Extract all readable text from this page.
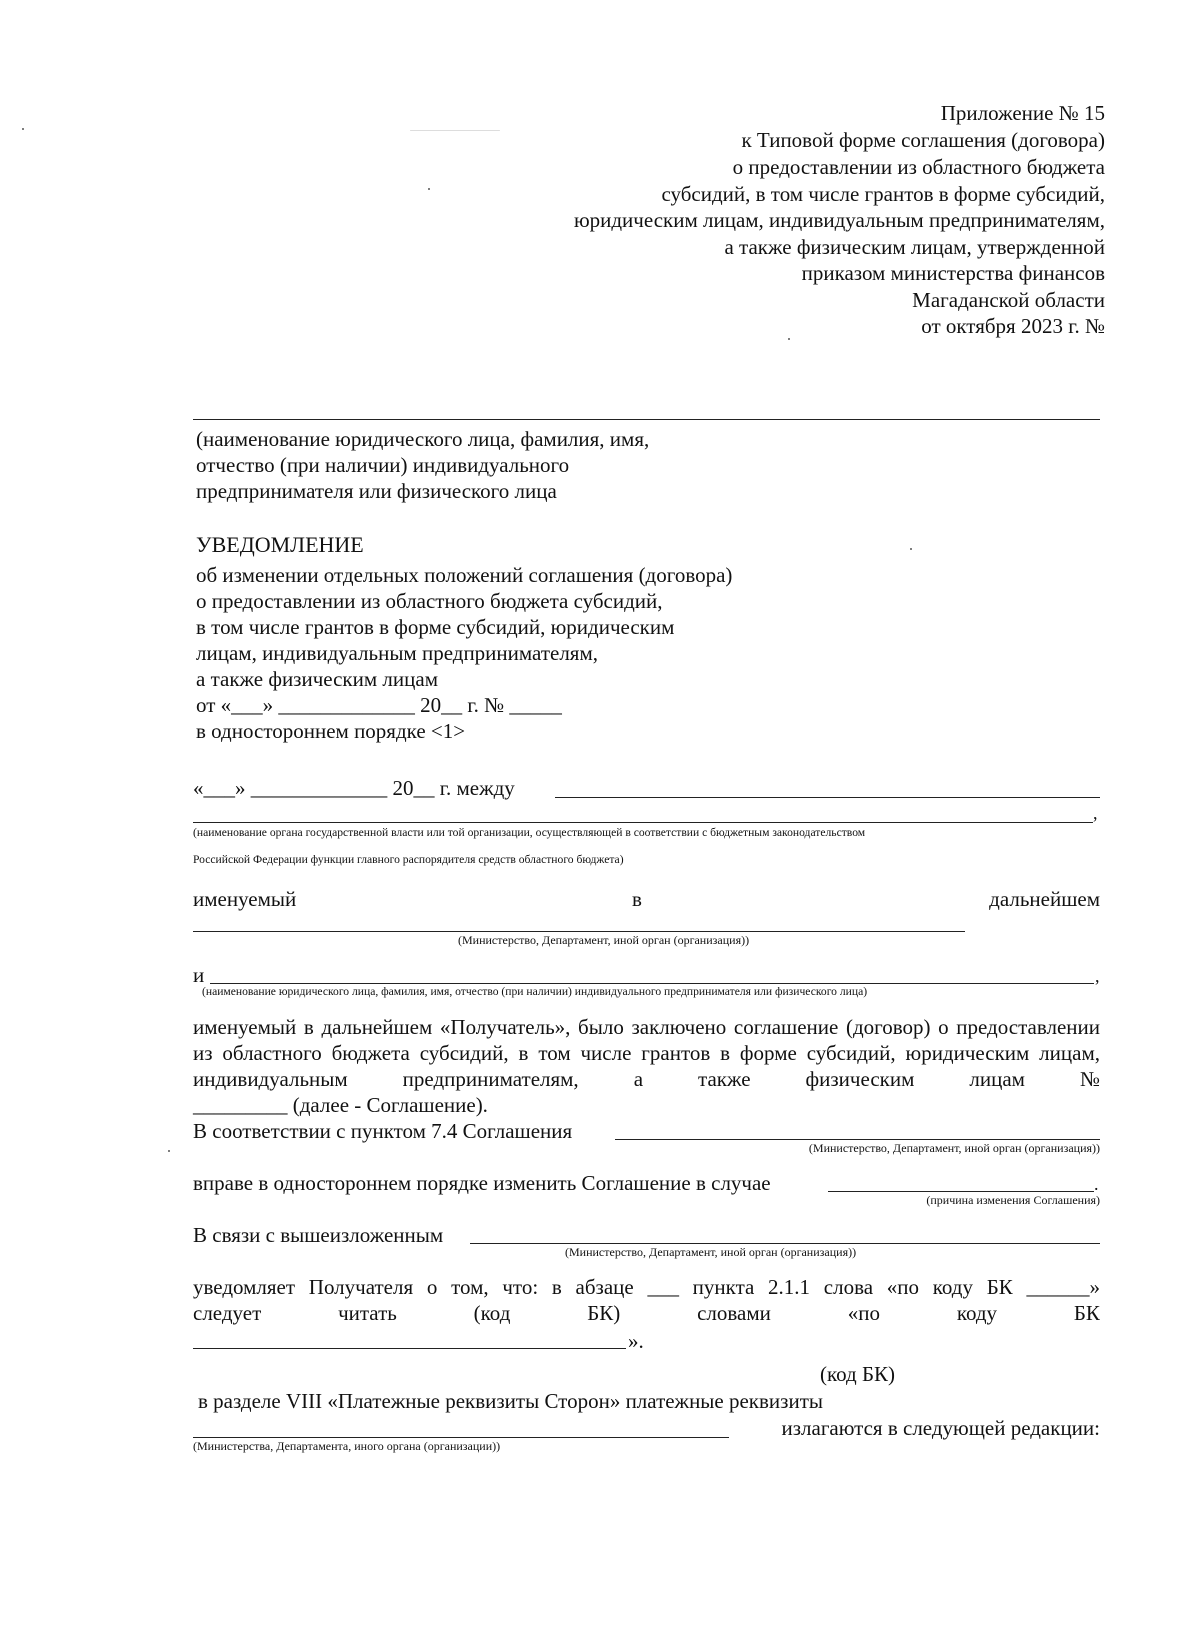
Приложение № 15
к Типовой форме соглашения (договора)
о предоставлении из областного бюджета
субсидий, в том числе грантов в форме субсидий,
юридическим лицам, индивидуальным предпринимателям,
а также физическим лицам, утвержденной
приказом министерства финансов
Магаданской области
от октября 2023 г. №
(наименование юридического лица, фамилия, имя,
отчество (при наличии) индивидуального
предпринимателя или физического лица
УВЕДОМЛЕНИЕ
об изменении отдельных положений соглашения (договора)
о предоставлении из областного бюджета субсидий,
в том числе грантов в форме субсидий, юридическим
лицам, индивидуальным предпринимателям,
а также физическим лицам
от «___» _____________ 20__ г. № _____
в одностороннем порядке <1>
«___» _____________ 20__ г. между
,
(наименование органа государственной власти или той организации, осуществляющей в соответствии с бюджетным законодательством
Российской Федерации функции главного распорядителя средств областного бюджета)
именуемый	в	дальнейшем
(Министерство, Департамент, иной орган (организация))
и	,
(наименование юридического лица, фамилия, имя, отчество (при наличии) индивидуального предпринимателя или физического лица)
именуемый в дальнейшем «Получатель», было заключено соглашение (договор) о предоставлении из областного бюджета субсидий, в том числе грантов в форме субсидий, юридическим лицам, индивидуальным предпринимателям, а также физическим лицам №
_________ (далее - Соглашение).
В соответствии с пунктом 7.4 Соглашения
(Министерство, Департамент, иной орган (организация))
вправе в одностороннем порядке изменить Соглашение в случае	.
(причина изменения Соглашения)
В связи с вышеизложенным
(Министерство, Департамент, иной орган (организация))
уведомляет Получателя о том, что: в абзаце ___ пункта 2.1.1 слова «по коду БК ______»
следует	читать	(код	БК)	словами	«по	коду	БК
».
(код БК)
в разделе VIII «Платежные реквизиты Сторон» платежные реквизиты
излагаются в следующей редакции:
(Министерства, Департамента, иного органа (организации))
